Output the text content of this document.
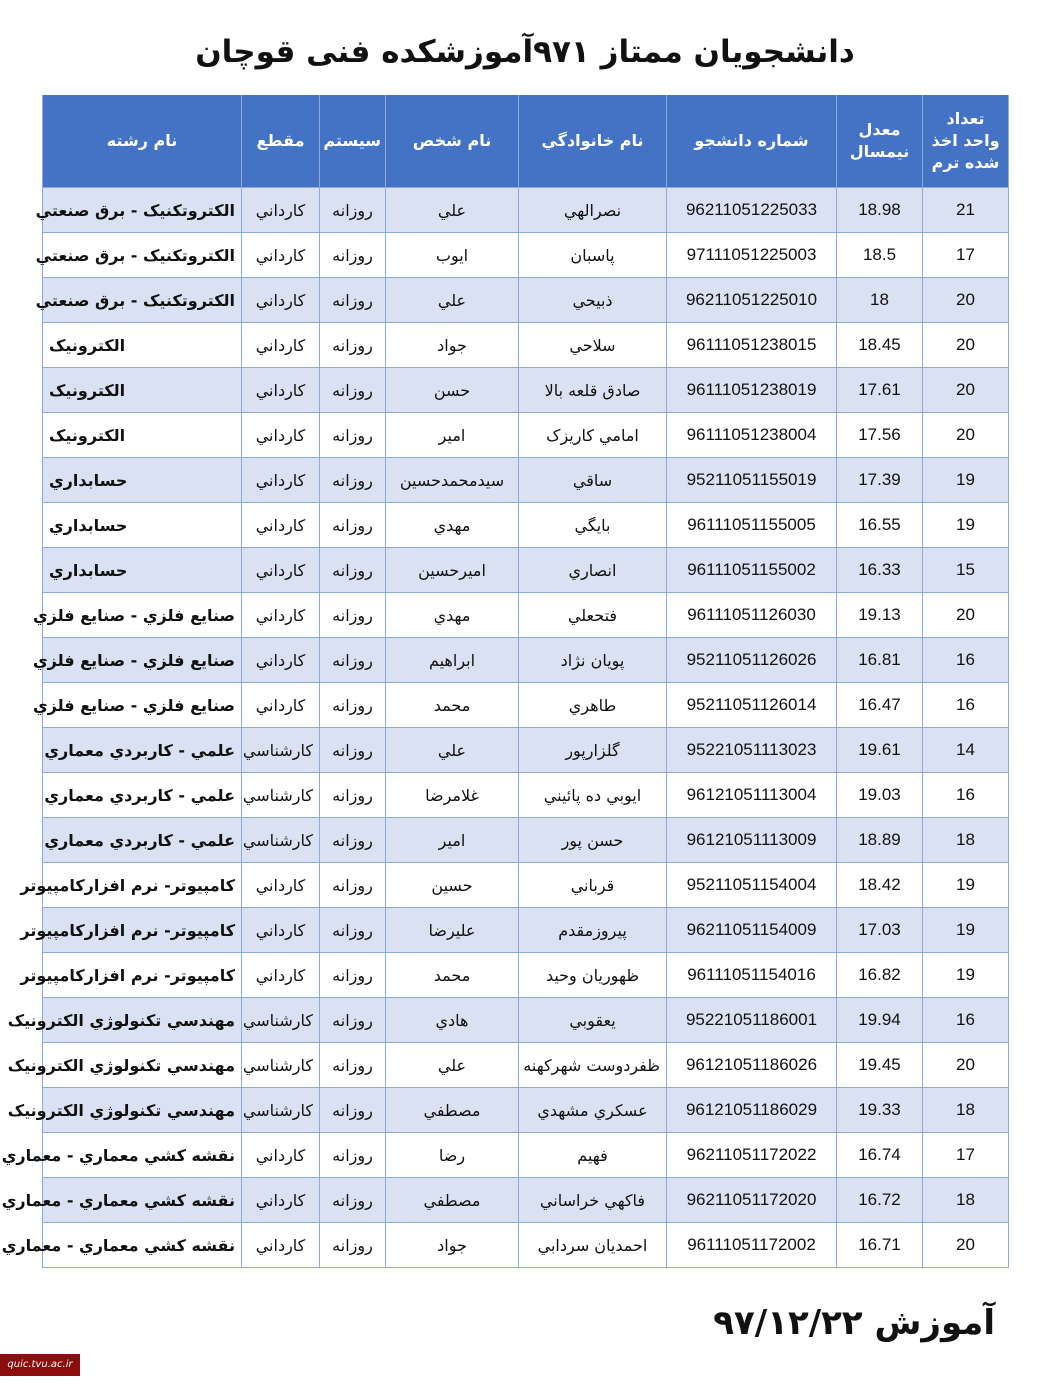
دانشجویان ممتاز ۹۷۱آموزشکده فنی قوچان
تعداد واحد اخذ شده ترم	معدل نيمسال	شماره دانشجو	نام خانوادگي	نام شخص	سيستم	مقطع	نام رشته
21	18.98	96211051225033	نصرالهي	علي	روزانه	كارداني	الكتروتكنيک - برق صنعتي
17	18.5	97111051225003	پاسبان	ايوب	روزانه	كارداني	الكتروتكنيک - برق صنعتي
20	18	96211051225010	ذبيحي	علي	روزانه	كارداني	الكتروتكنيک - برق صنعتي
20	18.45	96111051238015	سلاحي	جواد	روزانه	كارداني	الكترونيک
20	17.61	96111051238019	صادق قلعه بالا	حسن	روزانه	كارداني	الكترونيک
20	17.56	96111051238004	امامي كاريزک	امير	روزانه	كارداني	الكترونيک
19	17.39	95211051155019	ساقي	سيدمحمدحسين	روزانه	كارداني	حسابداري
19	16.55	96111051155005	بايگي	مهدي	روزانه	كارداني	حسابداري
15	16.33	96111051155002	انصاري	اميرحسين	روزانه	كارداني	حسابداري
20	19.13	96111051126030	فتحعلي	مهدي	روزانه	كارداني	صنايع فلزي - صنايع فلزي
16	16.81	95211051126026	پويان نژاد	ابراهيم	روزانه	كارداني	صنايع فلزي - صنايع فلزي
16	16.47	95211051126014	طاهري	محمد	روزانه	كارداني	صنايع فلزي - صنايع فلزي
14	19.61	95221051113023	گلزارپور	علي	روزانه	كارشناسي	علمي - كاربردي معماري
16	19.03	96121051113004	ايوبي ده پائيني	غلامرضا	روزانه	كارشناسي	علمي - كاربردي معماري
18	18.89	96121051113009	حسن پور	امير	روزانه	كارشناسي	علمي - كاربردي معماري
19	18.42	95211051154004	قرباني	حسين	روزانه	كارداني	كامپيوتر- نرم افزاركامپيوتر
19	17.03	96211051154009	پيروزمقدم	عليرضا	روزانه	كارداني	كامپيوتر- نرم افزاركامپيوتر
19	16.82	96111051154016	ظهوريان وحيد	محمد	روزانه	كارداني	كامپيوتر- نرم افزاركامپيوتر
16	19.94	95221051186001	يعقوبي	هادي	روزانه	كارشناسي	مهندسي تكنولوژي الكترونيک
20	19.45	96121051186026	ظفردوست شهركهنه	علي	روزانه	كارشناسي	مهندسي تكنولوژي الكترونيک
18	19.33	96121051186029	عسكري مشهدي	مصطفي	روزانه	كارشناسي	مهندسي تكنولوژي الكترونيک
17	16.74	96211051172022	فهيم	رضا	روزانه	كارداني	نقشه كشي معماري - معماري
18	16.72	96211051172020	فاكهي خراساني	مصطفي	روزانه	كارداني	نقشه كشي معماري - معماري
20	16.71	96111051172002	احمديان سردابي	جواد	روزانه	كارداني	نقشه كشي معماري - معماري
آموزش ۹۷/۱۲/۲۲
quic.tvu.ac.ir
